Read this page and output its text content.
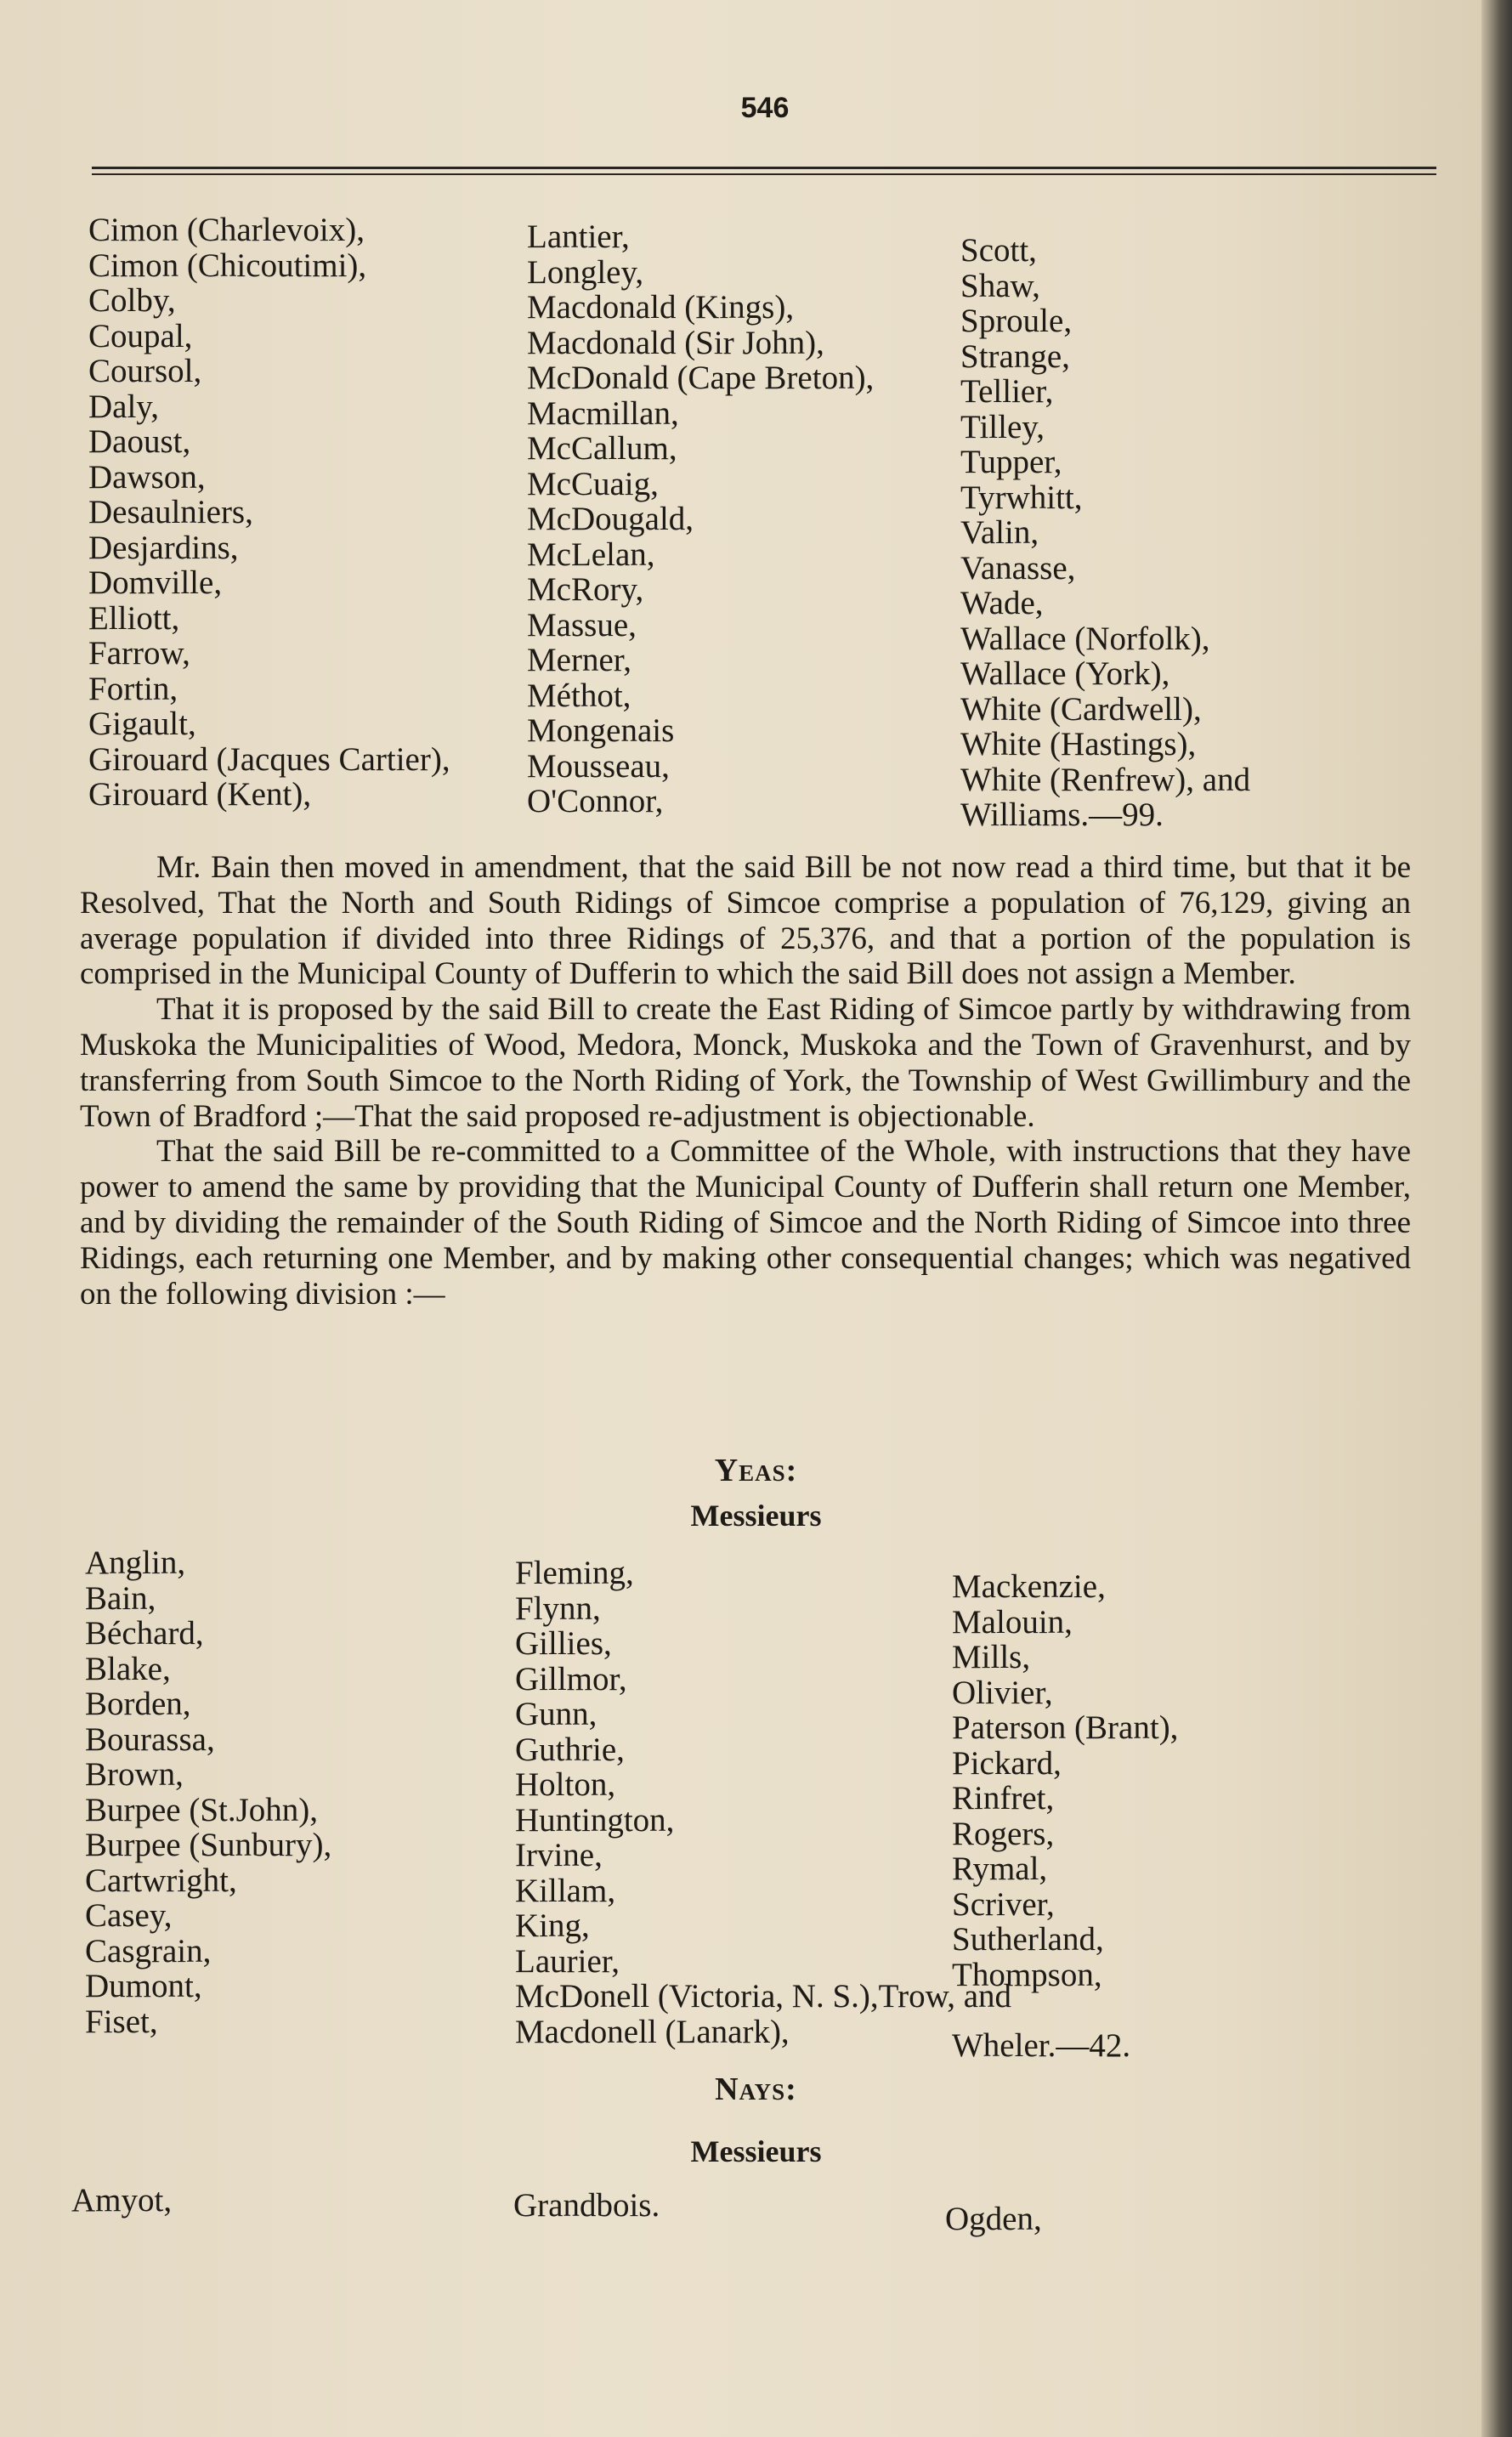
546
Cimon (Charlevoix),
Cimon (Chicoutimi),
Colby,
Coupal,
Coursol,
Daly,
Daoust,
Dawson,
Desaulniers,
Desjardins,
Domville,
Elliott,
Farrow,
Fortin,
Gigault,
Girouard (Jacques Cartier),
Girouard (Kent),
Lantier,
Longley,
Macdonald (Kings),
Macdonald (Sir John),
McDonald (Cape Breton),
Macmillan,
McCallum,
McCuaig,
McDougald,
McLelan,
McRory,
Massue,
Merner,
Méthot,
Mongenais
Mousseau,
O'Connor,
Scott,
Shaw,
Sproule,
Strange,
Tellier,
Tilley,
Tupper,
Tyrwhitt,
Valin,
Vanasse,
Wade,
Wallace (Norfolk),
Wallace (York),
White (Cardwell),
White (Hastings),
White (Renfrew), and
Williams.—99.

Mr. Bain then moved in amendment, that the said Bill be not now read a third time, but that it be Resolved, That the North and South Ridings of Simcoe comprise a population of 76,129, giving an average population if divided into three Ridings of 25,376, and that a portion of the population is comprised in the Municipal County of Dufferin to which the said Bill does not assign a Member.

That it is proposed by the said Bill to create the East Riding of Simcoe partly by withdrawing from Muskoka the Municipalities of Wood, Medora, Monck, Muskoka and the Town of Gravenhurst, and by transferring from South Simcoe to the North Riding of York, the Township of West Gwillimbury and the Town of Bradford ;—That the said proposed re-adjustment is objectionable.

That the said Bill be re-committed to a Committee of the Whole, with instructions that they have power to amend the same by providing that the Municipal County of Dufferin shall return one Member, and by dividing the remainder of the South Riding of Simcoe and the North Riding of Simcoe into three Ridings, each returning one Member, and by making other consequential changes; which was negatived on the following division :—

Yeas:
Messieurs
Anglin,
Bain,
Béchard,
Blake,
Borden,
Bourassa,
Brown,
Burpee (St.John),
Burpee (Sunbury),
Cartwright,
Casey,
Casgrain,
Dumont,
Fiset,
Fleming,
Flynn,
Gillies,
Gillmor,
Gunn,
Guthrie,
Holton,
Huntington,
Irvine,
Killam,
King,
Laurier,
McDonell (Victoria, N. S.),Trow, and
Macdonell (Lanark),
Mackenzie,
Malouin,
Mills,
Olivier,
Paterson (Brant),
Pickard,
Rinfret,
Rogers,
Rymal,
Scriver,
Sutherland,
Thompson,

Wheler.—42.
Nays:
Messieurs
Amyot,	Grandbois.	Ogden,
